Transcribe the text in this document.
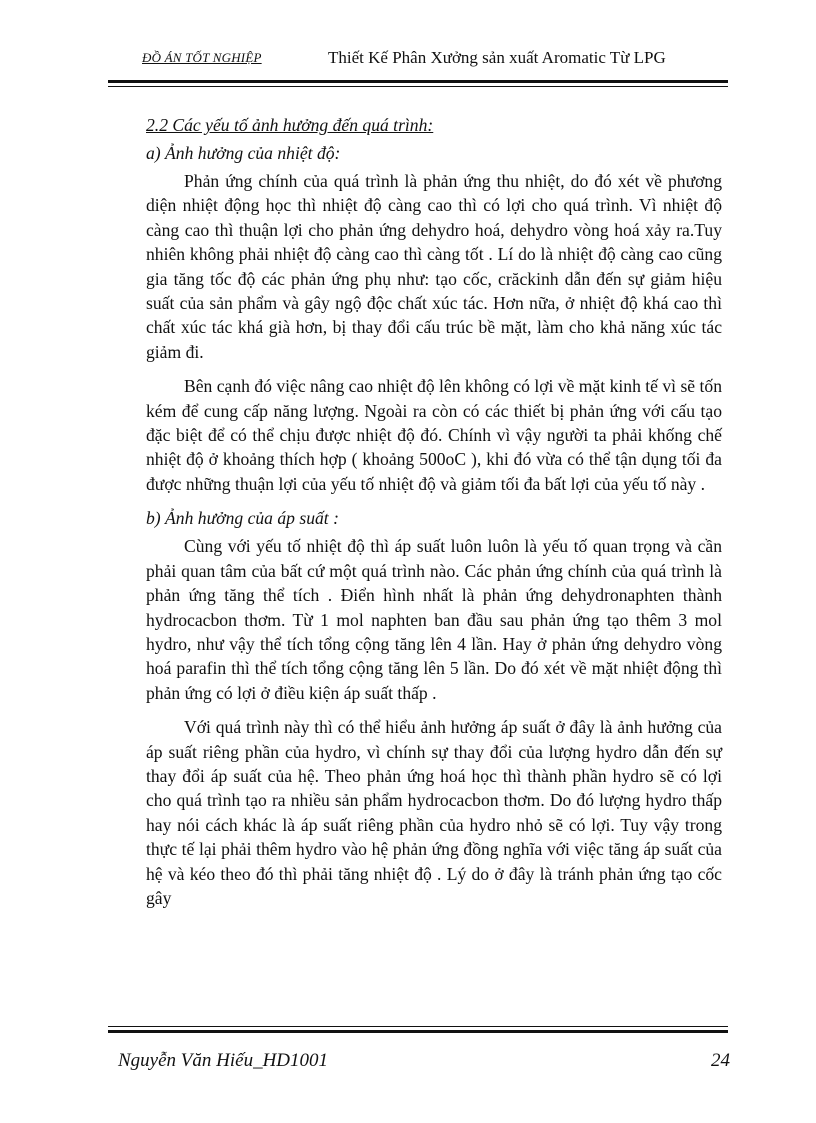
ĐỒ ÁN TỐT NGHIỆP	Thiết Kế Phân Xưởng sản xuất Aromatic Từ LPG
2.2 Các yếu tố ảnh hưởng đến quá trình:
a) Ảnh hưởng của nhiệt độ:

Phản ứng chính của quá trình là phản ứng thu nhiệt, do đó xét về phương diện nhiệt động học thì nhiệt độ càng cao thì có lợi cho quá trình. Vì nhiệt độ càng cao thì thuận lợi cho phản ứng dehydro hoá, dehydro vòng hoá xảy ra.Tuy nhiên không phải nhiệt độ càng cao thì càng tốt . Lí do là nhiệt độ càng cao cũng gia tăng tốc độ các phản ứng phụ như: tạo cốc, crăckinh dẫn đến sự giảm hiệu suất của sản phẩm và gây ngộ độc chất xúc tác. Hơn nữa, ở nhiệt độ khá cao thì chất xúc tác khá già hơn, bị thay đổi cấu trúc bề mặt, làm cho khả năng xúc tác giảm đi.

Bên cạnh đó việc nâng cao nhiệt độ lên không có lợi về mặt kinh tế vì sẽ tốn kém để cung cấp năng lượng. Ngoài ra còn có các thiết bị phản ứng với cấu tạo đặc biệt để có thể chịu được nhiệt độ đó. Chính vì vậy người ta phải khống chế nhiệt độ ở khoảng thích hợp ( khoảng 500oC ), khi đó vừa có thể tận dụng tối đa được những thuận lợi của yếu tố nhiệt độ và giảm tối đa bất lợi của yếu tố này .

b) Ảnh hưởng của áp suất :

Cùng với yếu tố nhiệt độ thì áp suất luôn luôn là yếu tố quan trọng và cần phải quan tâm của bất cứ một quá trình nào. Các phản ứng chính của quá trình là phản ứng tăng thể tích . Điển hình nhất là phản ứng dehydronaphten thành hydrocacbon thơm. Từ 1 mol naphten ban đầu sau phản ứng tạo thêm 3 mol hydro, như vậy thể tích tổng cộng tăng lên 4 lần. Hay ở phản ứng dehydro vòng hoá parafin thì thể tích tổng cộng tăng lên 5 lần. Do đó xét về mặt nhiệt động thì phản ứng có lợi ở điều kiện áp suất thấp .

Với quá trình này thì có thể hiểu ảnh hưởng áp suất ở đây là ảnh hưởng của áp suất riêng phần của hydro, vì chính sự thay đổi của lượng hydro dẫn đến sự thay đổi áp suất của hệ. Theo phản ứng hoá học thì thành phần hydro sẽ có lợi cho quá trình tạo ra nhiều sản phẩm hydrocacbon thơm. Do đó lượng hydro thấp hay nói cách khác là áp suất riêng phần của hydro nhỏ sẽ có lợi. Tuy vậy trong thực tế lại phải thêm hydro vào hệ phản ứng đồng nghĩa với việc tăng áp suất của hệ và kéo theo đó thì phải tăng nhiệt độ . Lý do ở đây là tránh phản ứng tạo cốc gây

Nguyễn Văn Hiếu_HD1001	24
